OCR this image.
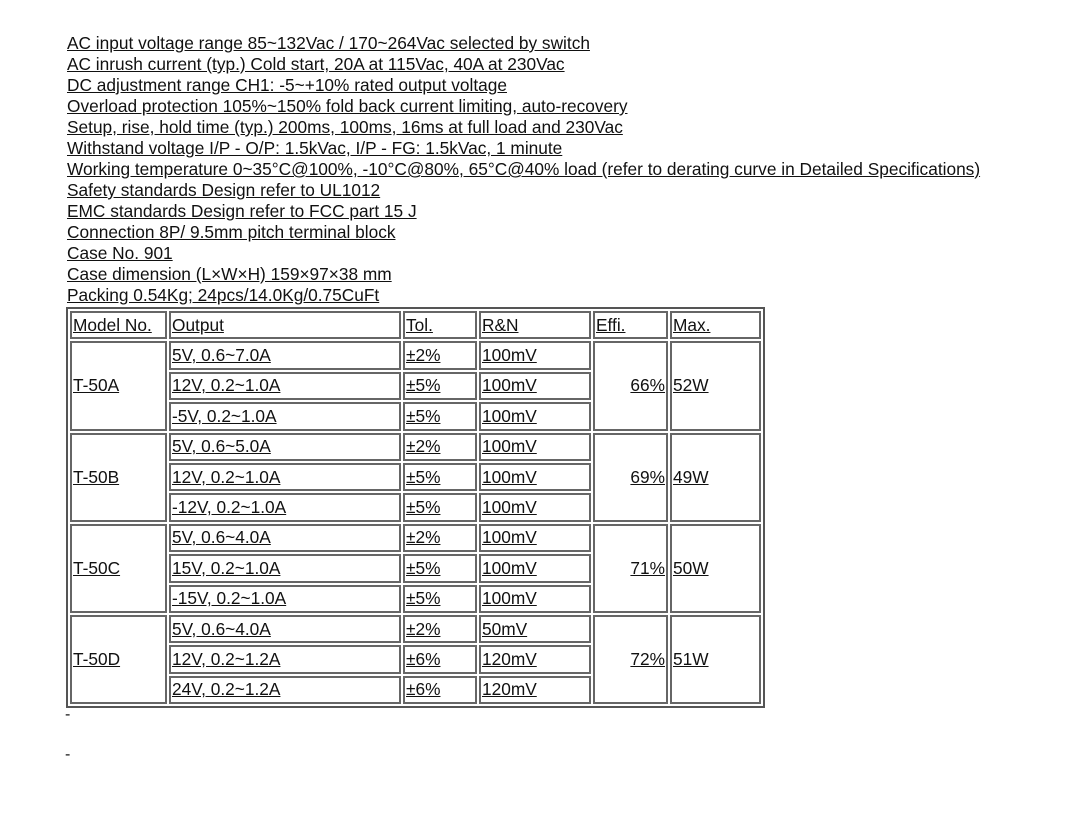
AC input voltage range 85~132Vac / 170~264Vac selected by switch
AC inrush current (typ.) Cold start, 20A at 115Vac, 40A at 230Vac
DC adjustment range CH1: -5~+10% rated output voltage
Overload protection 105%~150% fold back current limiting, auto-recovery
Setup, rise, hold time (typ.) 200ms, 100ms, 16ms at full load and 230Vac
Withstand voltage I/P - O/P: 1.5kVac, I/P - FG: 1.5kVac, 1 minute
Working temperature 0~35°C@100%, -10°C@80%, 65°C@40% load (refer to derating curve in Detailed Specifications)
Safety standards Design refer to UL1012
EMC standards Design refer to FCC part 15 J
Connection 8P/ 9.5mm pitch terminal block
Case No. 901
Case dimension (L×W×H) 159×97×38 mm
Packing 0.54Kg; 24pcs/14.0Kg/0.75CuFt
Model No.	Output	Tol.	R&N	Effi.	Max.
T-50A	5V, 0.6~7.0A	±2%	100mV	66%	52W
	12V, 0.2~1.0A	±5%	100mV		
	-5V, 0.2~1.0A	±5%	100mV		
T-50B	5V, 0.6~5.0A	±2%	100mV	69%	49W
	12V, 0.2~1.0A	±5%	100mV		
	-12V, 0.2~1.0A	±5%	100mV		
T-50C	5V, 0.6~4.0A	±2%	100mV	71%	50W
	15V, 0.2~1.0A	±5%	100mV		
	-15V, 0.2~1.0A	±5%	100mV		
T-50D	5V, 0.6~4.0A	±2%	50mV	72%	51W
	12V, 0.2~1.2A	±6%	120mV		
	24V, 0.2~1.2A	±6%	120mV		
-
-
